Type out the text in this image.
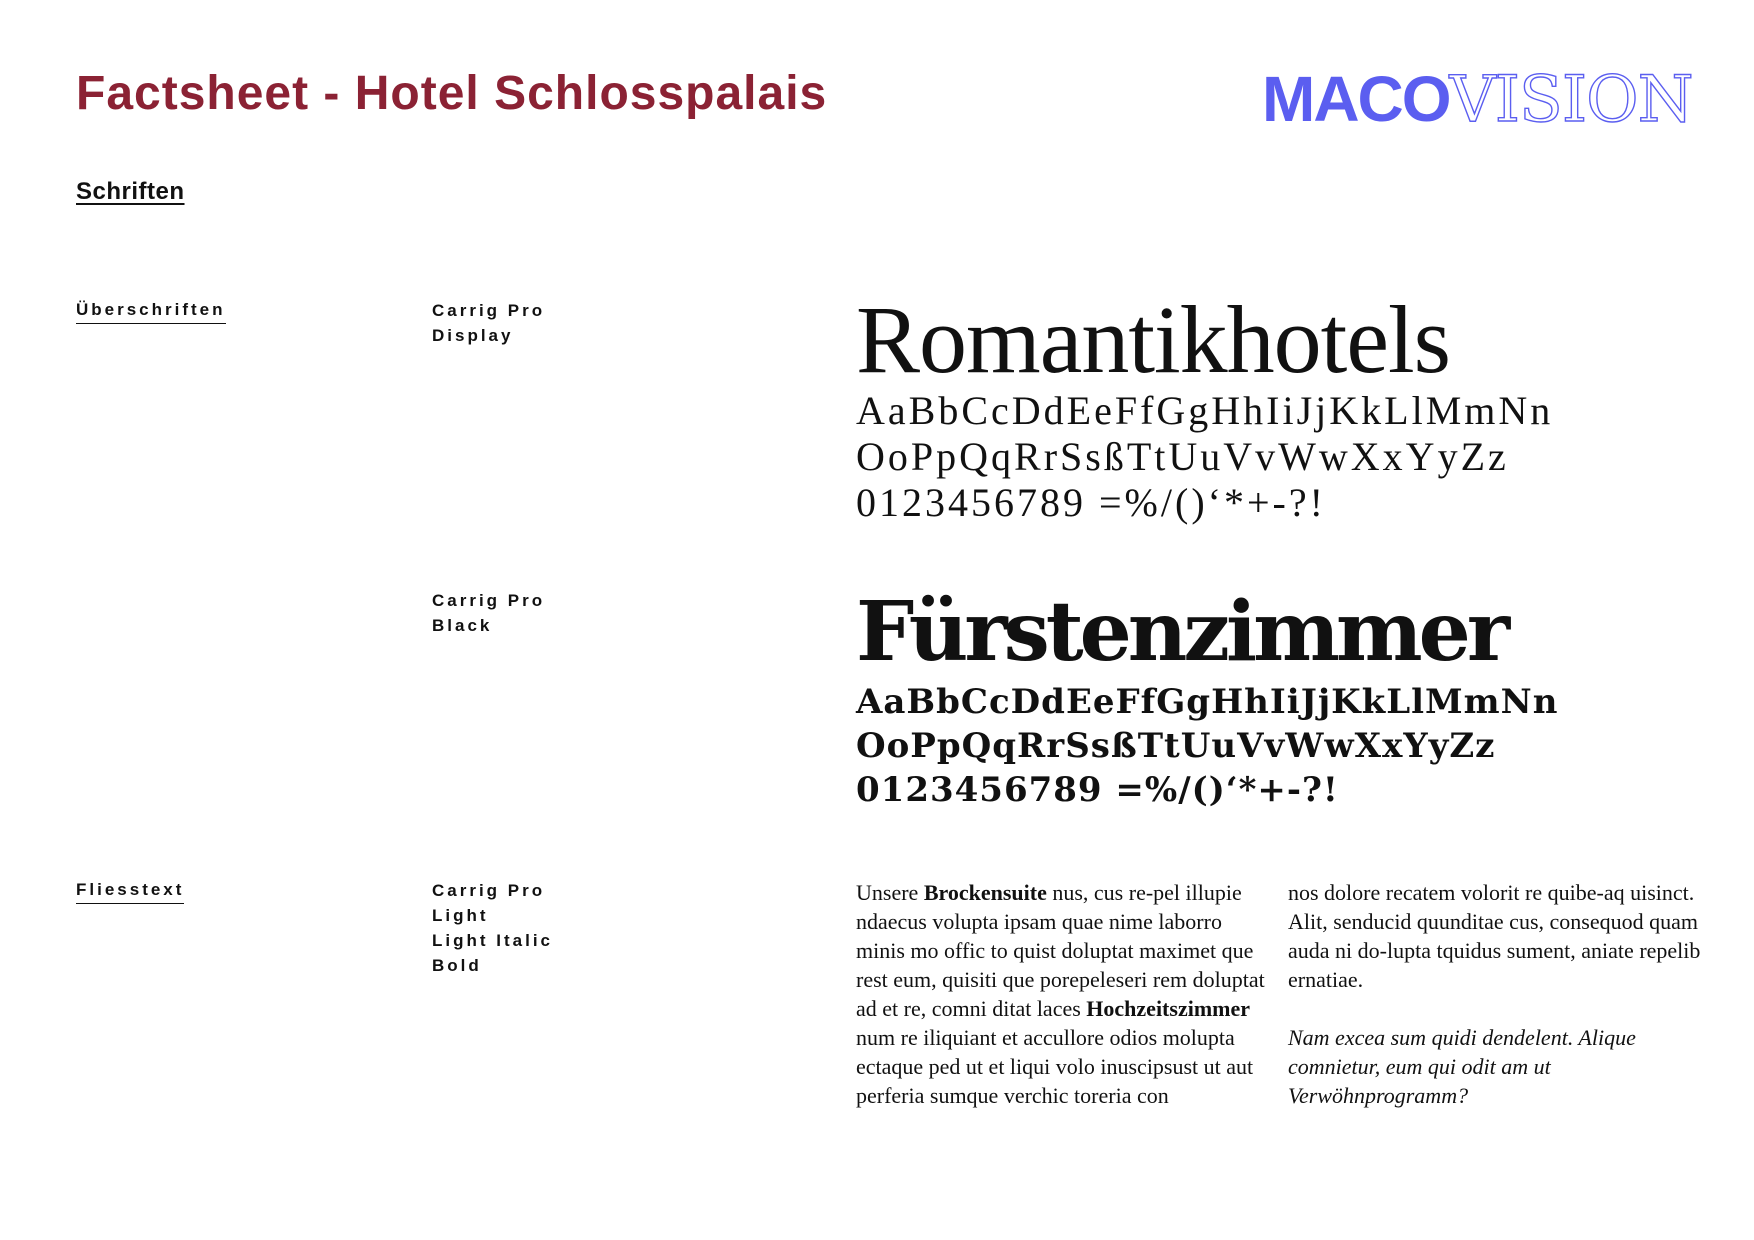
Factsheet - Hotel Schlosspalais	MACO VISION
Schriften
Überschriften	Carrig Pro
Display	Romantikhotels
AaBbCcDdEeFfGgHhIiJjKkLlMmNn
OoPpQqRrSsßTtUuVvWwXxYyZz
0123456789 =%/()‘*+-?!
Carrig Pro
Black	Fürstenzimmer
AaBbCcDdEeFfGgHhIiJjKkLlMmNn
OoPpQqRrSsßTtUuVvWwXxYyZz
0123456789 =%/()‘*+-?!
Fliesstext	Carrig Pro
Light
Light Italic
Bold

Unsere Brockensuite nus, cus re-pel illupie ndaecus volupta ipsam quae nime laborro minis mo offic to quist doluptat maximet que rest eum, quisiti que porepeleseri rem doluptat ad et re, comni ditat laces Hochzeitszimmer num re iliquiant et accullore odios molupta ectaque ped ut et liqui volo inuscipsust ut aut perferia sumque verchic toreria con

nos dolore recatem volorit re quibe-aq uisinct. Alit, senducid quunditae cus, consequod quam auda ni do-lupta tquidus sument, aniate repelib ernatiae.

Nam excea sum quidi dendelent. Alique comnietur, eum qui odit am ut Verwöhnprogramm?
